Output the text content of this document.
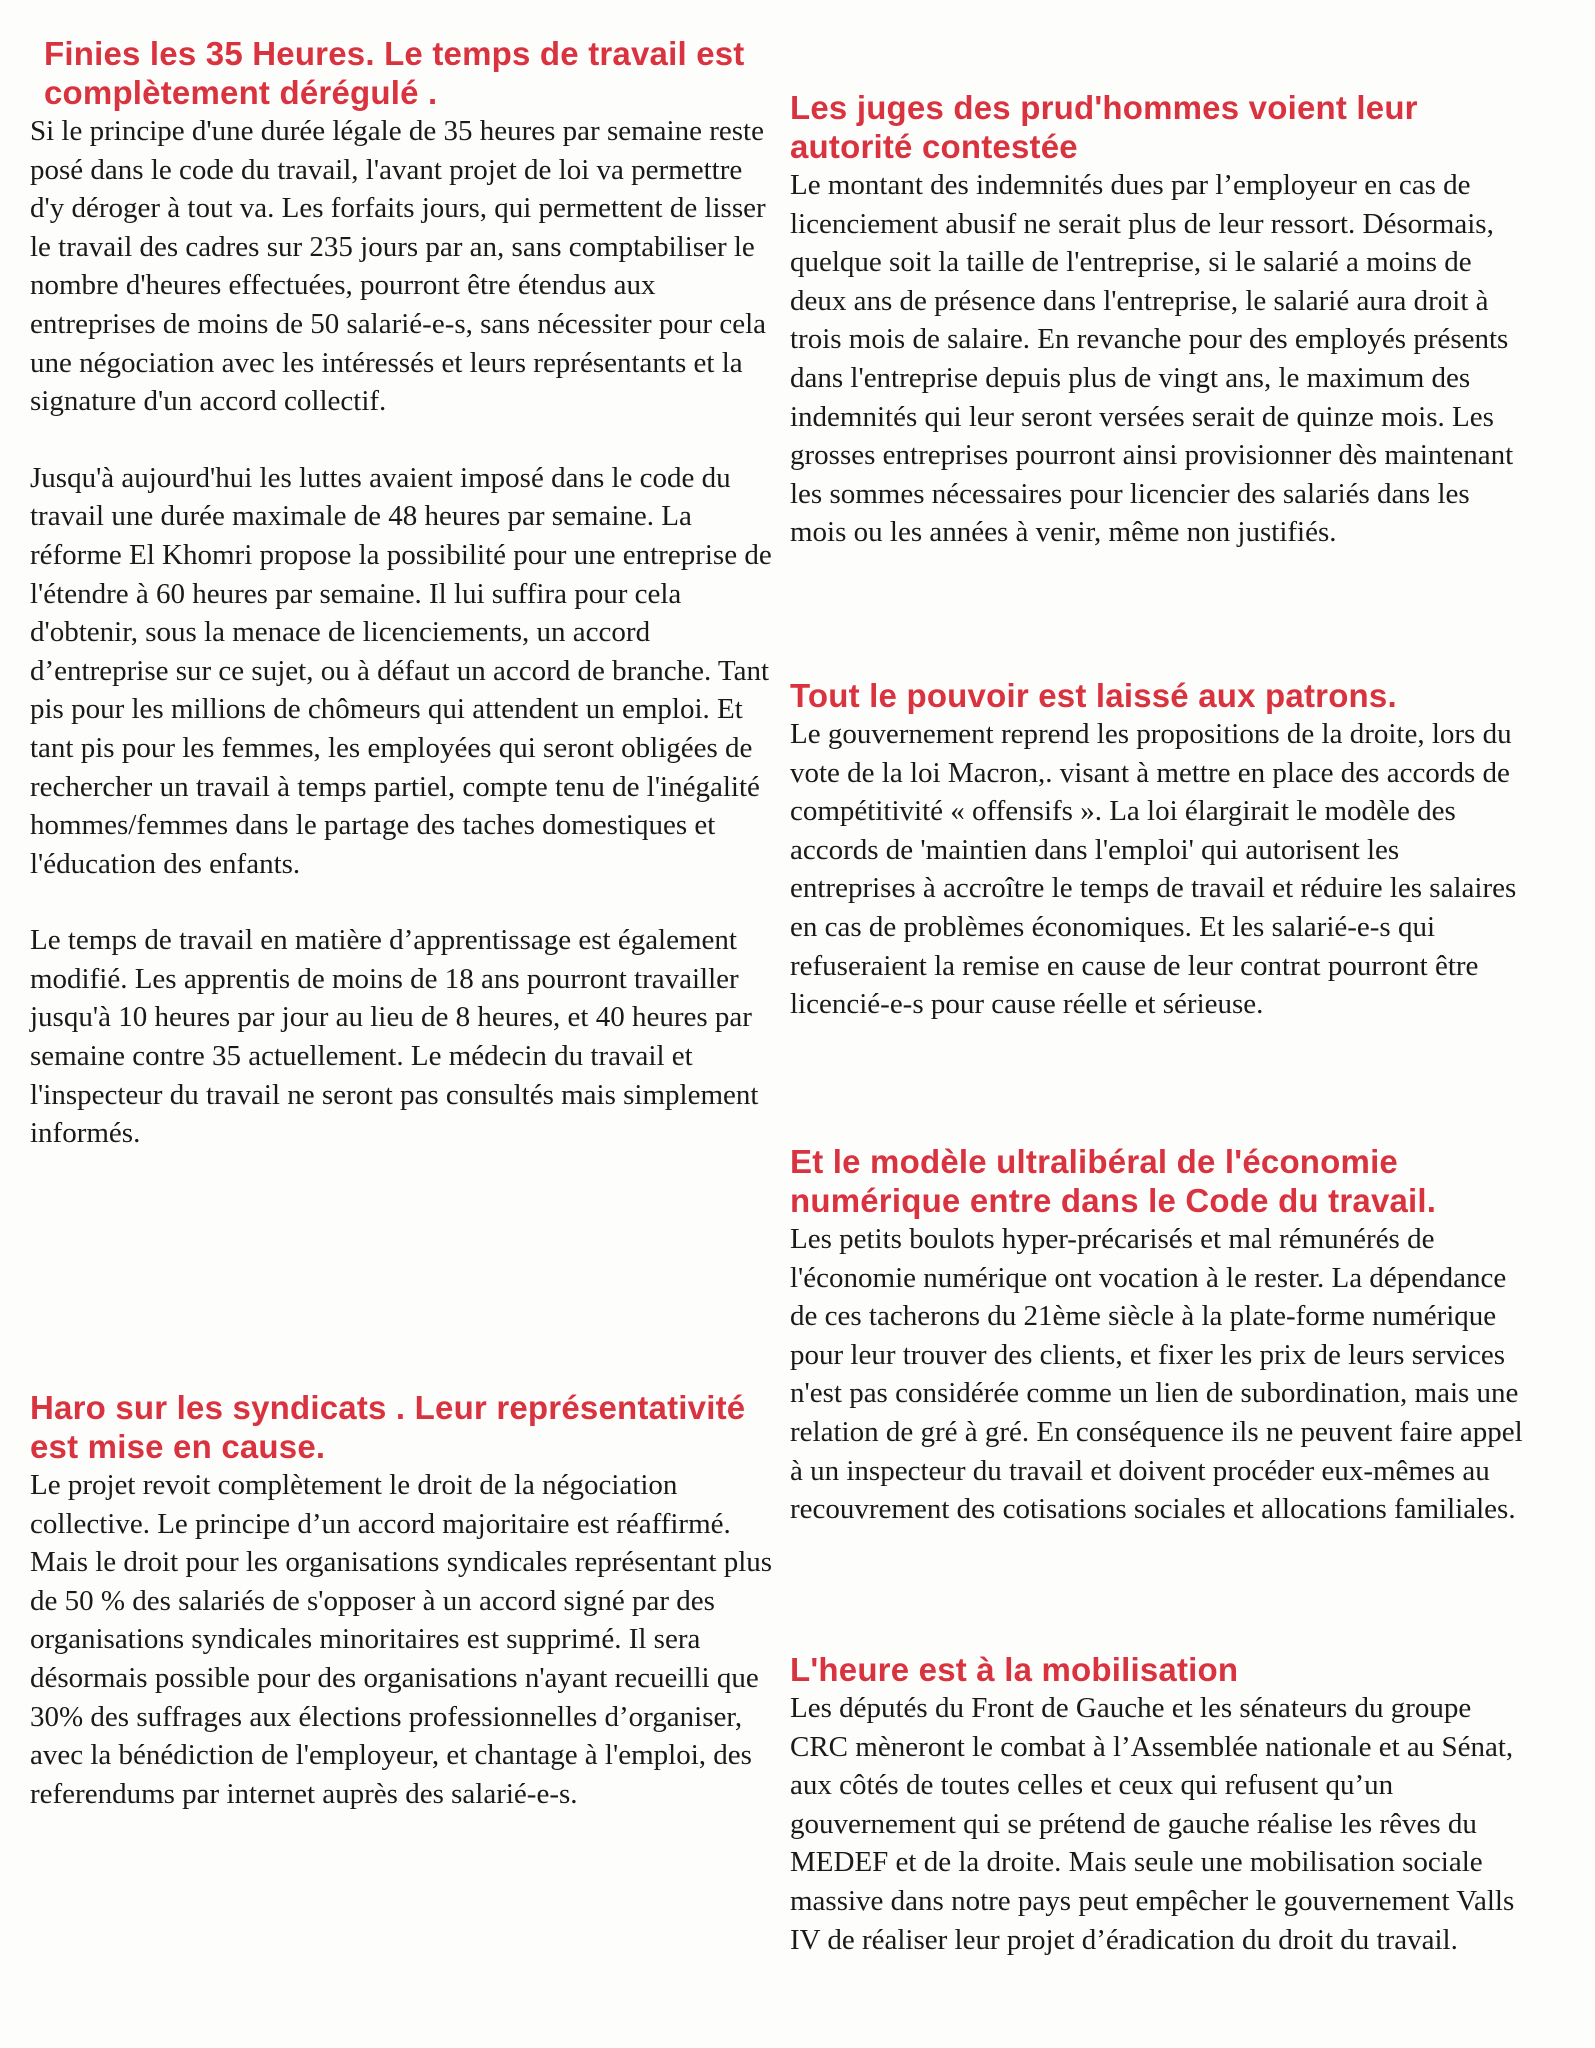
Finies les 35 Heures. Le temps de travail est complètement dérégulé .

Si le principe d'une durée légale de 35 heures par semaine reste posé dans le code du travail, l'avant projet de loi va permettre d'y déroger à tout va. Les forfaits jours, qui permettent de lisser le travail des cadres sur 235 jours par an, sans comptabiliser le nombre d'heures effectuées, pourront être étendus aux entreprises de moins de 50 salarié-e-s, sans nécessiter pour cela une négociation avec les intéressés et leurs représentants et la signature d'un accord collectif.

Jusqu'à aujourd'hui les luttes avaient imposé dans le code du travail une durée maximale de 48 heures par semaine. La réforme El Khomri propose la possibilité pour une entreprise de l'étendre à 60 heures par semaine. Il lui suffira pour cela d'obtenir, sous la menace de licenciements, un accord d’entreprise sur ce sujet, ou à défaut un accord de branche. Tant pis pour les millions de chômeurs qui attendent un emploi. Et tant pis pour les femmes, les employées qui seront obligées de rechercher un travail à temps partiel, compte tenu de l'inégalité hommes/femmes dans le partage des taches domestiques et l'éducation des enfants.

Le temps de travail en matière d’apprentissage est également modifié. Les apprentis de moins de 18 ans pourront travailler jusqu'à 10 heures par jour au lieu de 8 heures, et 40 heures par semaine contre 35 actuellement. Le médecin du travail et l'inspecteur du travail ne seront pas consultés mais simplement informés.

Haro sur les syndicats . Leur représentativité est mise en cause.

Le projet revoit complètement le droit de la négociation collective. Le principe d’un accord majoritaire est réaffirmé. Mais le droit pour les organisations syndicales représentant plus de 50 % des salariés de s'opposer à un accord signé par des organisations syndicales minoritaires est supprimé. Il sera désormais possible pour des organisations n'ayant recueilli que 30% des suffrages aux élections professionnelles d’organiser, avec la bénédiction de l'employeur, et chantage à l'emploi, des referendums par internet auprès des salarié-e-s.

Les juges des prud'hommes voient leur autorité contestée

Le montant des indemnités dues par l’employeur en cas de licenciement abusif ne serait plus de leur ressort. Désormais, quelque soit la taille de l'entreprise, si le salarié a moins de deux ans de présence dans l'entreprise, le salarié aura droit à trois mois de salaire. En revanche pour des employés présents dans l'entreprise depuis plus de vingt ans, le maximum des indemnités qui leur seront versées serait de quinze mois. Les grosses entreprises pourront ainsi provisionner dès maintenant les sommes nécessaires pour licencier des salariés dans les mois ou les années à venir, même non justifiés.

Tout le pouvoir est laissé aux patrons.

Le gouvernement reprend les propositions de la droite, lors du vote de la loi Macron,. visant à mettre en place des accords de compétitivité « offensifs ». La loi élargirait le modèle des accords de 'maintien dans l'emploi' qui autorisent les entreprises à accroître le temps de travail et réduire les salaires en cas de problèmes économiques. Et les salarié-e-s qui refuseraient la remise en cause de leur contrat pourront être licencié-e-s pour cause réelle et sérieuse.

Et le modèle ultralibéral de l'économie numérique entre dans le Code du travail.

Les petits boulots hyper-précarisés et mal rémunérés de l'économie numérique ont vocation à le rester. La dépendance de ces tacherons du 21ème siècle à la plate-forme numérique pour leur trouver des clients, et fixer les prix de leurs services n'est pas considérée comme un lien de subordination, mais une relation de gré à gré. En conséquence ils ne peuvent faire appel à un inspecteur du travail et doivent procéder eux-mêmes au recouvrement des cotisations sociales et allocations familiales.

L'heure est à la mobilisation

Les députés du Front de Gauche et les sénateurs du groupe CRC mèneront le combat à l’Assemblée nationale et au Sénat, aux côtés de toutes celles et ceux qui refusent qu’un gouvernement qui se prétend de gauche réalise les rêves du MEDEF et de la droite. Mais seule une mobilisation sociale massive dans notre pays peut empêcher le gouvernement Valls IV de réaliser leur projet d’éradication du droit du travail.
